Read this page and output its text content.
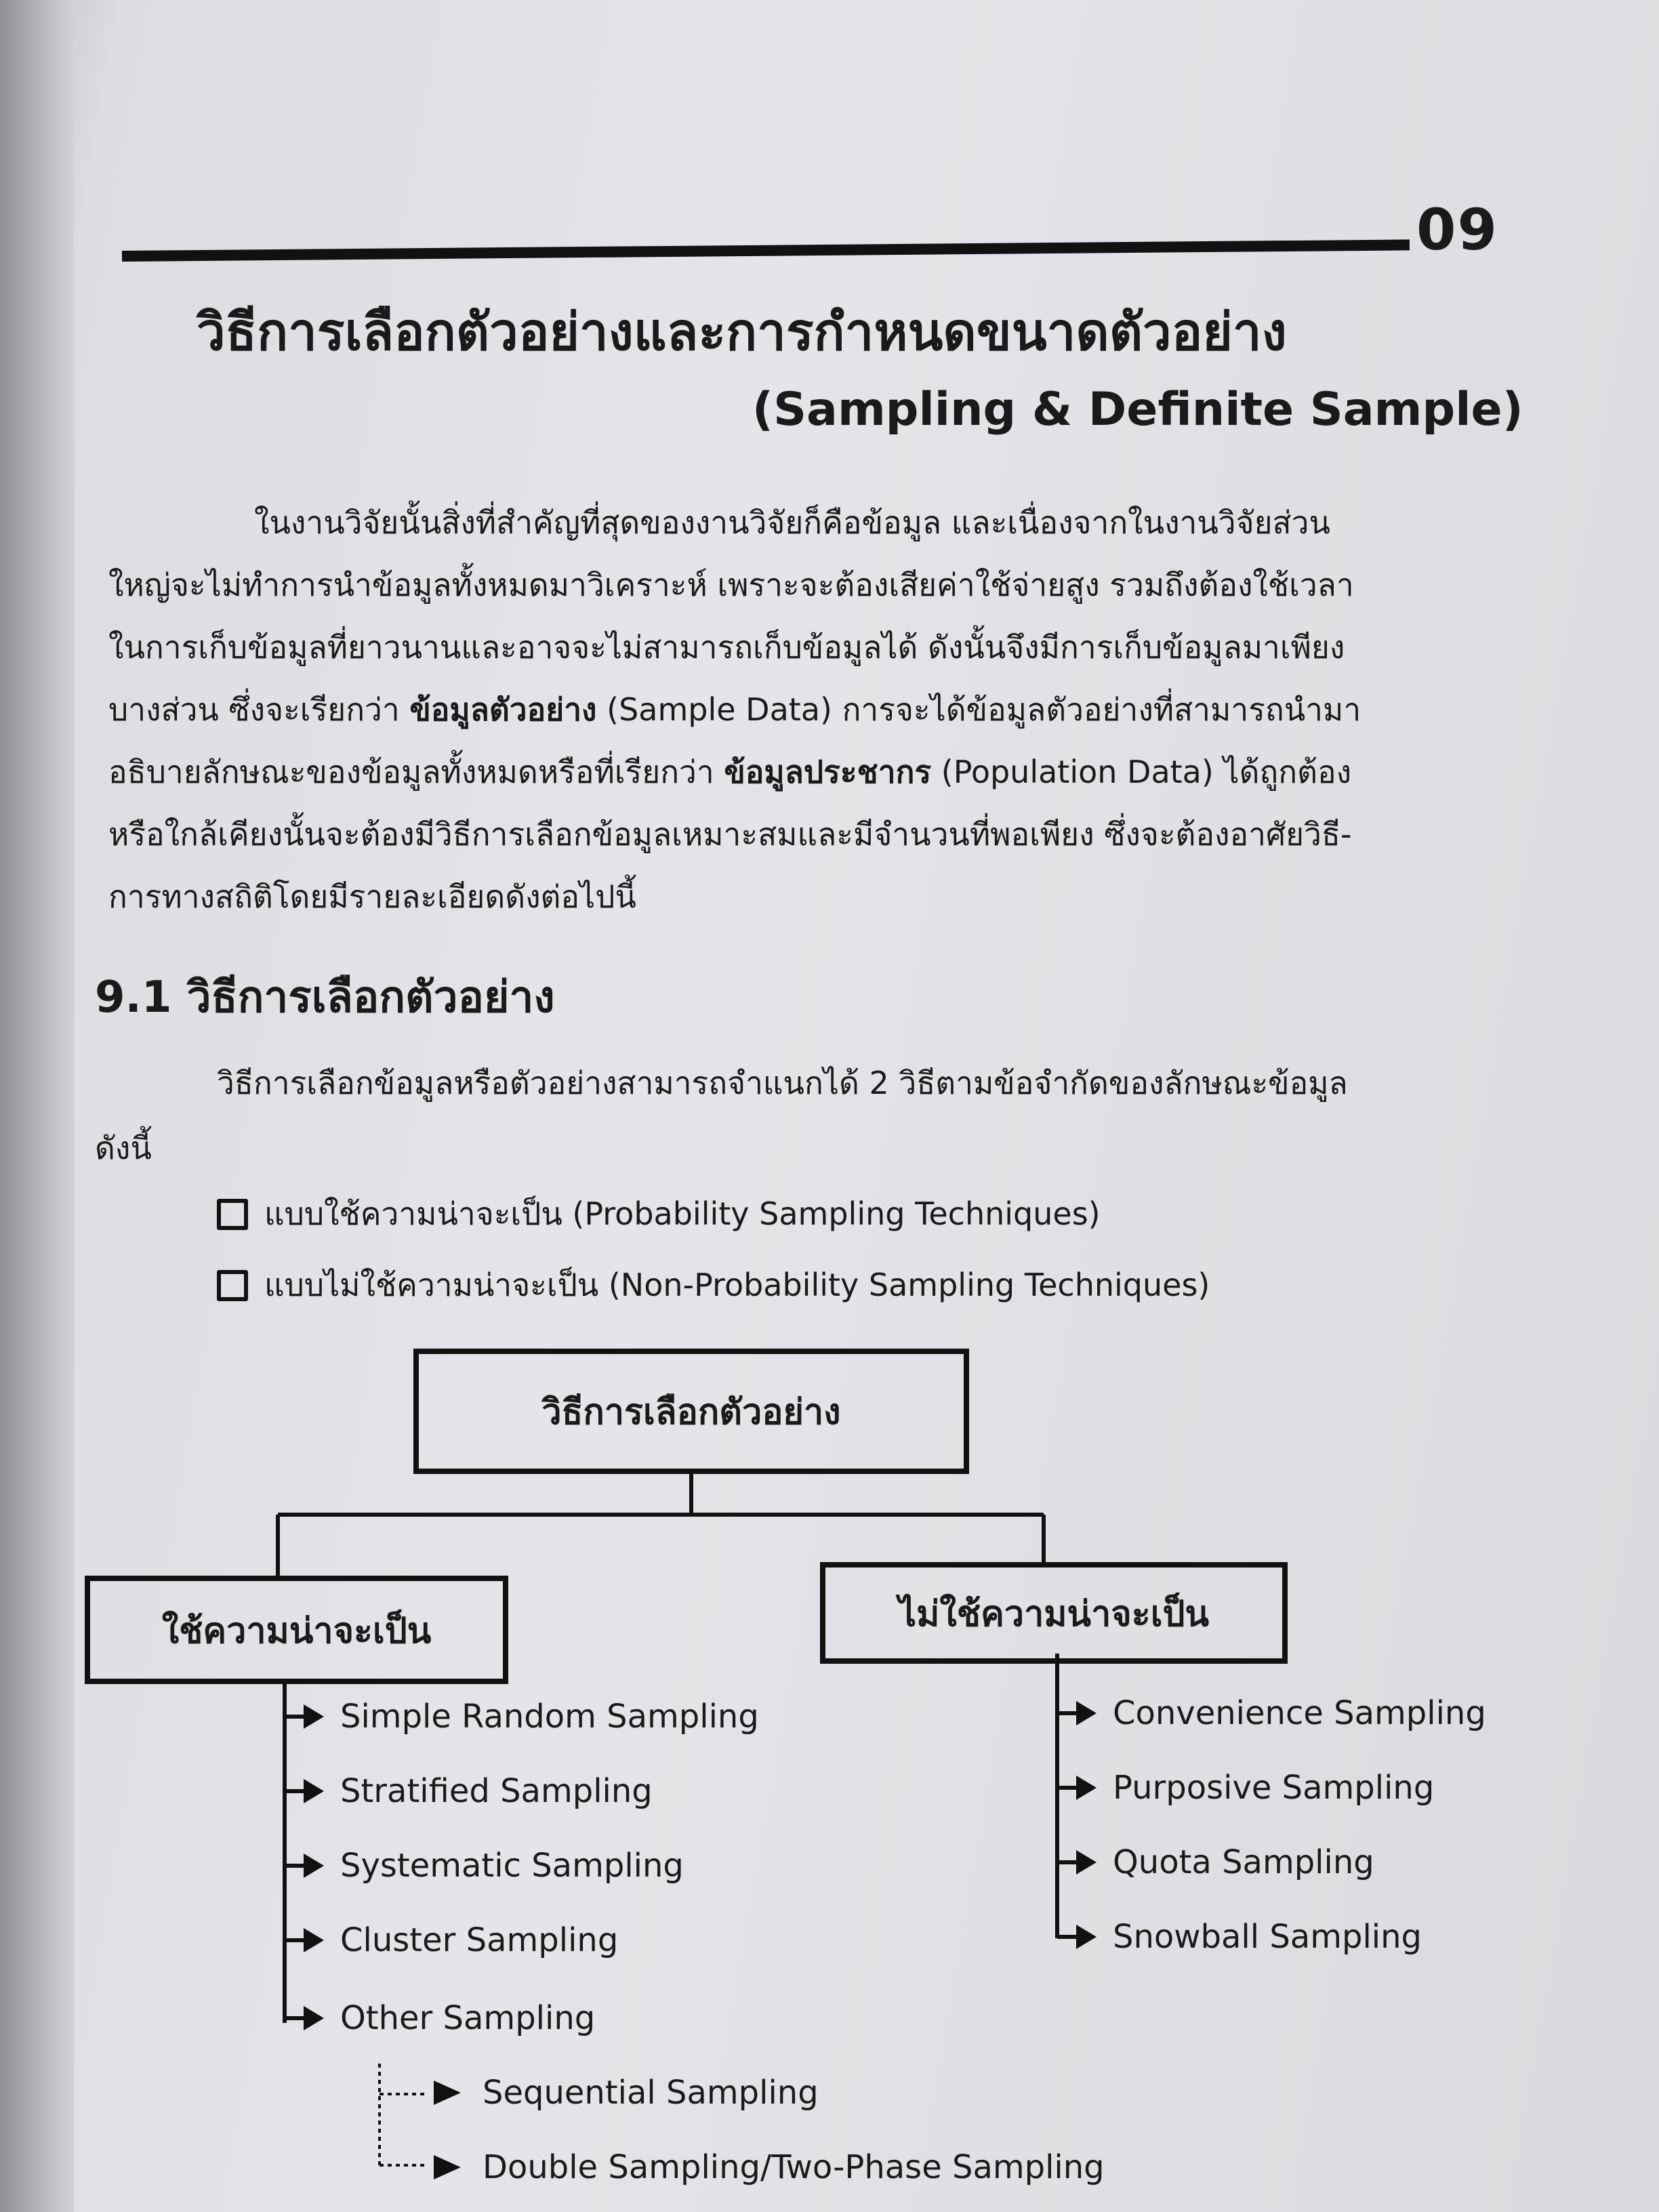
09
วิธีการเลือกตัวอย่างและการกำหนดขนาดตัวอย่าง
(Sampling & Definite Sample)

ในงานวิจัยนั้นสิ่งที่สำคัญที่สุดของงานวิจัยก็คือข้อมูล และเนื่องจากในงานวิจัยส่วน

ใหญ่จะไม่ทำการนำข้อมูลทั้งหมดมาวิเคราะห์ เพราะจะต้องเสียค่าใช้จ่ายสูง รวมถึงต้องใช้เวลา

ในการเก็บข้อมูลที่ยาวนานและอาจจะไม่สามารถเก็บข้อมูลได้ ดังนั้นจึงมีการเก็บข้อมูลมาเพียง

บางส่วน ซึ่งจะเรียกว่า ข้อมูลตัวอย่าง (Sample Data) การจะได้ข้อมูลตัวอย่างที่สามารถนำมา

อธิบายลักษณะของข้อมูลทั้งหมดหรือที่เรียกว่า ข้อมูลประชากร (Population Data) ได้ถูกต้อง

หรือใกล้เคียงนั้นจะต้องมีวิธีการเลือกข้อมูลเหมาะสมและมีจำนวนที่พอเพียง ซึ่งจะต้องอาศัยวิธี-

การทางสถิติโดยมีรายละเอียดดังต่อไปนี้

9.1 วิธีการเลือกตัวอย่าง
วิธีการเลือกข้อมูลหรือตัวอย่างสามารถจำแนกได้ 2 วิธีตามข้อจำกัดของลักษณะข้อมูล
ดังนี้
แบบใช้ความน่าจะเป็น (Probability Sampling Techniques)
แบบไม่ใช้ความน่าจะเป็น (Non-Probability Sampling Techniques)
วิธีการเลือกตัวอย่าง
ใช้ความน่าจะเป็น	ไม่ใช้ความน่าจะเป็น
Simple Random Sampling
Stratified Sampling
Systematic Sampling
Cluster Sampling
Other Sampling
Sequential Sampling
Double Sampling/Two-Phase Sampling
Convenience Sampling
Purposive Sampling
Quota Sampling
Snowball Sampling
